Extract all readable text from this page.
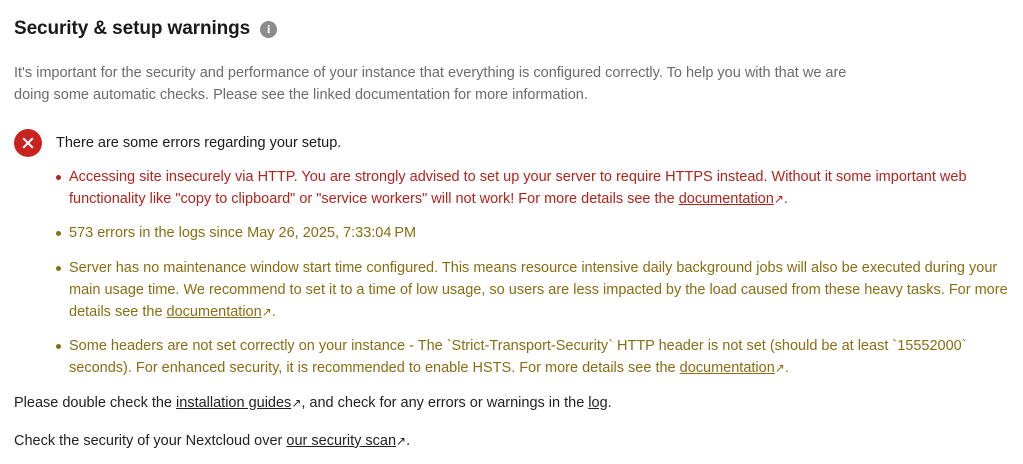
Security & setup warnings	i

It's important for the security and performance of your instance that everything is configured correctly. To help you with that we are doing some automatic checks. Please see the linked documentation for more information.

There are some errors regarding your setup.
Accessing site insecurely via HTTP. You are strongly advised to set up your server to require HTTPS instead. Without it some important web functionality like "copy to clipboard" or "service workers" will not work! For more details see the documentation ↗ .
573 errors in the logs since May 26, 2025, 7:33:04 PM
Server has no maintenance window start time configured. This means resource intensive daily background jobs will also be executed during your main usage time. We recommend to set it to a time of low usage, so users are less impacted by the load caused from these heavy tasks. For more details see the documentation ↗ .
Some headers are not set correctly on your instance - The `Strict-Transport-Security` HTTP header is not set (should be at least `15552000` seconds). For enhanced security, it is recommended to enable HSTS. For more details see the documentation ↗ .

Please double check the installation guides ↗ , and check for any errors or warnings in the log.

Check the security of your Nextcloud over our security scan ↗ .
